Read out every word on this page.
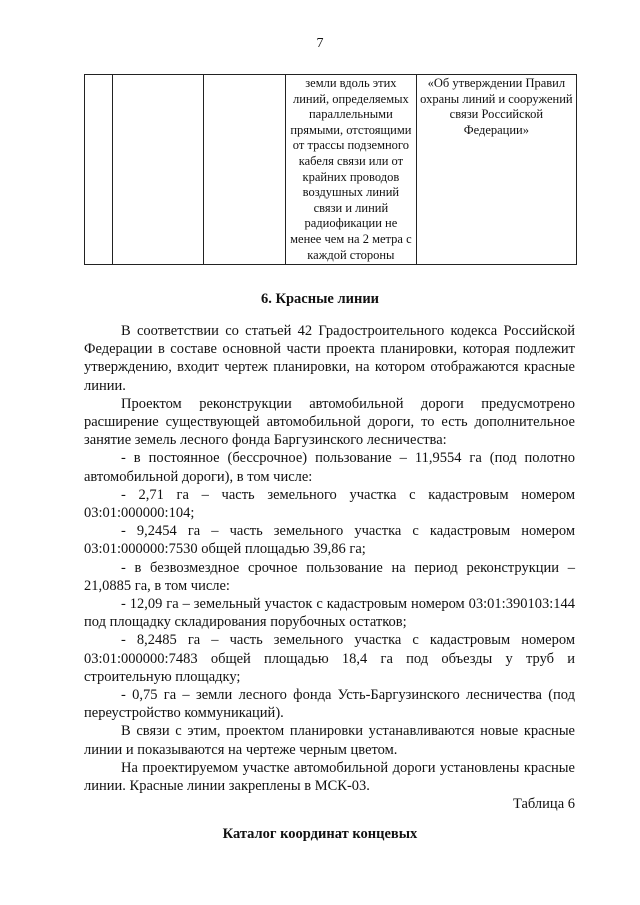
7
			земли вдоль этих линий, определяемых параллельными прямыми, отстоящими от трассы подземного кабеля связи или от крайних проводов воздушных линий связи и линий радиофикации не менее чем на 2 метра с каждой стороны	«Об утверждении Правил охраны линий и сооружений связи Российской Федерации»
6. Красные линии

В соответствии со статьей 42 Градостроительного кодекса Российской Федерации в составе основной части проекта планировки, которая подлежит утверждению, входит чертеж планировки, на котором отображаются красные линии.

Проектом реконструкции автомобильной дороги предусмотрено расширение существующей автомобильной дороги, то есть дополнительное занятие земель лесного фонда Баргузинского лесничества:

- в постоянное (бессрочное) пользование – 11,9554 га (под полотно автомобильной дороги), в том числе:

- 2,71 га – часть земельного участка с кадастровым номером 03:01:000000:104;

- 9,2454 га – часть земельного участка с кадастровым номером 03:01:000000:7530 общей площадью 39,86 га;

- в безвозмездное срочное пользование на период реконструкции – 21,0885 га, в том числе:

- 12,09 га – земельный участок с кадастровым номером 03:01:390103:144 под площадку складирования порубочных остатков;

- 8,2485 га – часть земельного участка с кадастровым номером 03:01:000000:7483 общей площадью 18,4 га под объезды у труб и строительную площадку;

- 0,75 га – земли лесного фонда Усть-Баргузинского лесничества (под переустройство коммуникаций).

В связи с этим, проектом планировки устанавливаются новые красные линии и показываются на чертеже черным цветом.

На проектируемом участке автомобильной дороги установлены красные линии. Красные линии закреплены в МСК-03.

Таблица 6
Каталог координат концевых
